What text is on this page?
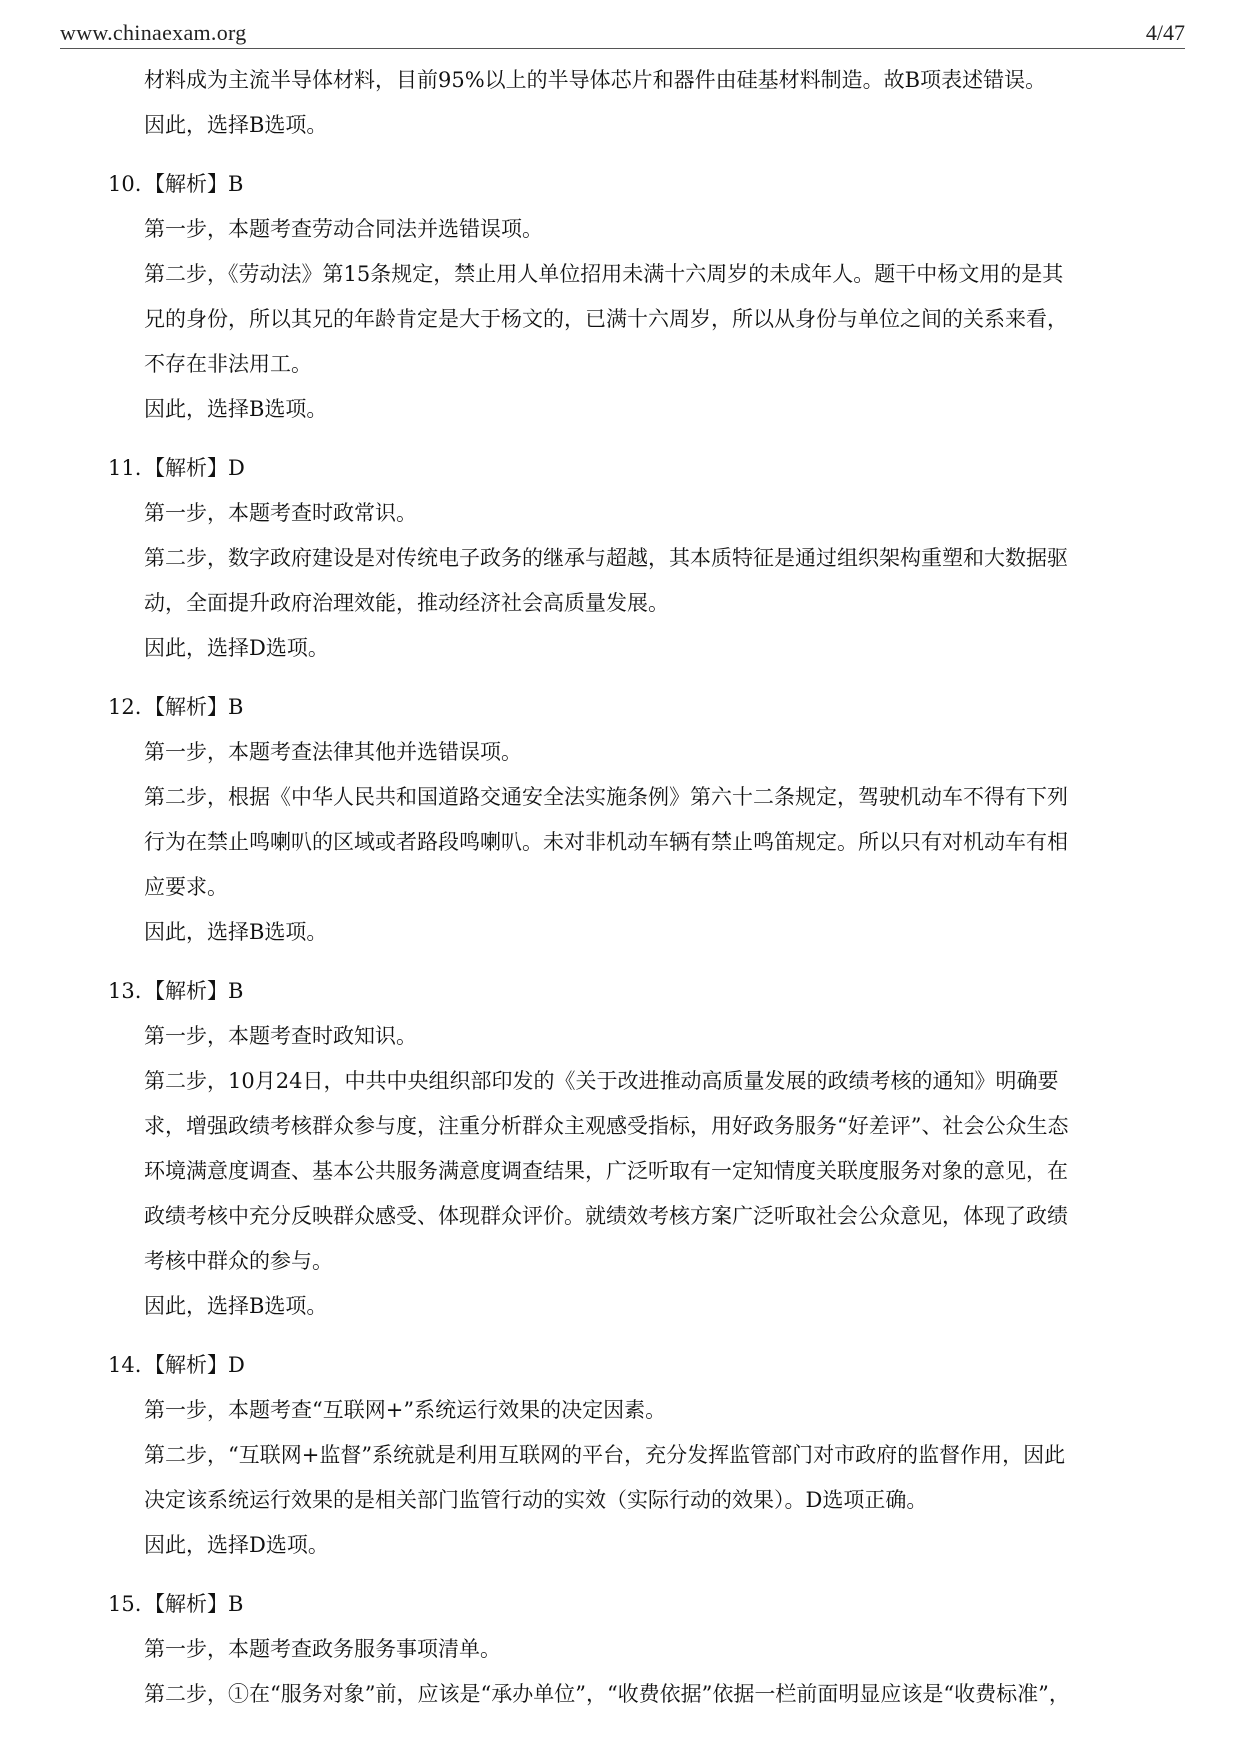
www.chinaexam.org	4/47
材料成为主流半导体材料，目前95%以上的半导体芯片和器件由硅基材料制造。故B项表述错误。
因此，选择B选项。
10. 【解析】B
第一步，本题考查劳动合同法并选错误项。
第二步，《劳动法》第15条规定，禁止用人单位招用未满十六周岁的未成年人。题干中杨文用的是其
兄的身份，所以其兄的年龄肯定是大于杨文的，已满十六周岁，所以从身份与单位之间的关系来看，
不存在非法用工。
因此，选择B选项。
11. 【解析】D
第一步，本题考查时政常识。
第二步，数字政府建设是对传统电子政务的继承与超越，其本质特征是通过组织架构重塑和大数据驱
动，全面提升政府治理效能，推动经济社会高质量发展。
因此，选择D选项。
12. 【解析】B
第一步，本题考查法律其他并选错误项。
第二步，根据《中华人民共和国道路交通安全法实施条例》第六十二条规定，驾驶机动车不得有下列
行为在禁止鸣喇叭的区域或者路段鸣喇叭。未对非机动车辆有禁止鸣笛规定。所以只有对机动车有相
应要求。
因此，选择B选项。
13. 【解析】B
第一步，本题考查时政知识。
第二步，10月24日，中共中央组织部印发的《关于改进推动高质量发展的政绩考核的通知》明确要
求，增强政绩考核群众参与度，注重分析群众主观感受指标，用好政务服务“好差评”、社会公众生态
环境满意度调查、基本公共服务满意度调查结果，广泛听取有一定知情度关联度服务对象的意见，在
政绩考核中充分反映群众感受、体现群众评价。就绩效考核方案广泛听取社会公众意见，体现了政绩
考核中群众的参与。
因此，选择B选项。
14. 【解析】D
第一步，本题考查“互联网+”系统运行效果的决定因素。
第二步，“互联网+监督”系统就是利用互联网的平台，充分发挥监管部门对市政府的监督作用，因此
决定该系统运行效果的是相关部门监管行动的实效（实际行动的效果）。D选项正确。
因此，选择D选项。
15. 【解析】B
第一步，本题考查政务服务事项清单。
第二步，①在“服务对象”前，应该是“承办单位”，“收费依据”依据一栏前面明显应该是“收费标准”，
